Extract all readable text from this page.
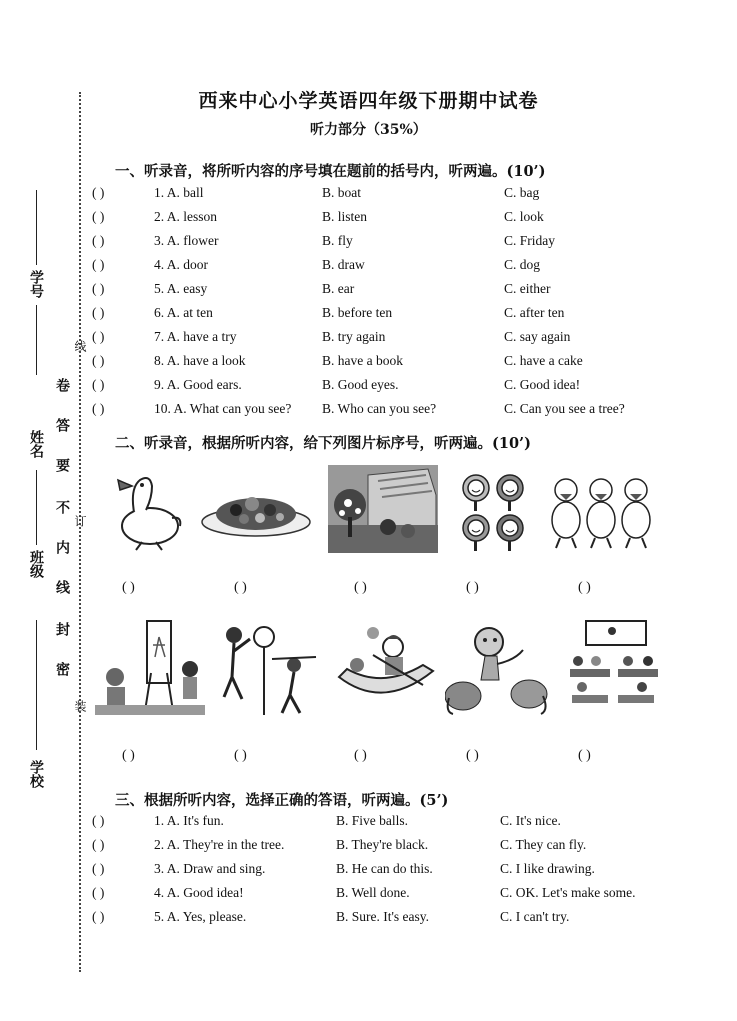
学号
姓名
班级
学校
线
卷
答
要
不
内
订
线
封
密
装
西来中心小学英语四年级下册期中试卷
听力部分（35%）
一、听录音，将所听内容的序号填在题前的括号内，听两遍。(10’)
( )	1. A. ball	B. boat	C. bag
( )	2. A. lesson	B. listen	C. look
( )	3. A. flower	B. fly	C. Friday
( )	4. A. door	B. draw	C. dog
( )	5. A. easy	B. ear	C. either
( )	6. A. at ten	B. before ten	C. after ten
( )	7. A. have a try	B. try again	C. say again
( )	8. A. have a look	B. have a book	C. have a cake
( )	9. A. Good ears.	B. Good eyes.	C. Good idea!
( )	10. A. What can you see? B. Who can you see?	C. Can you see a tree?
二、听录音，根据所听内容，给下列图片标序号，听两遍。(10’)
( )	( )	( )	( )	( )
( )	( )	( )	( )	( )
三、根据所听内容，选择正确的答语，听两遍。(5’)
( )	1. A. It's fun.	B. Five balls.	C. It's nice.
( )	2. A. They're in the tree.	B. They're black.	C. They can fly.
( )	3. A. Draw and sing.	B. He can do this.	C. I like drawing.
( )	4. A. Good idea!	B. Well done.	C. OK. Let's make some.
( )	5. A. Yes, please.	B. Sure. It's easy.	C. I can't try.
